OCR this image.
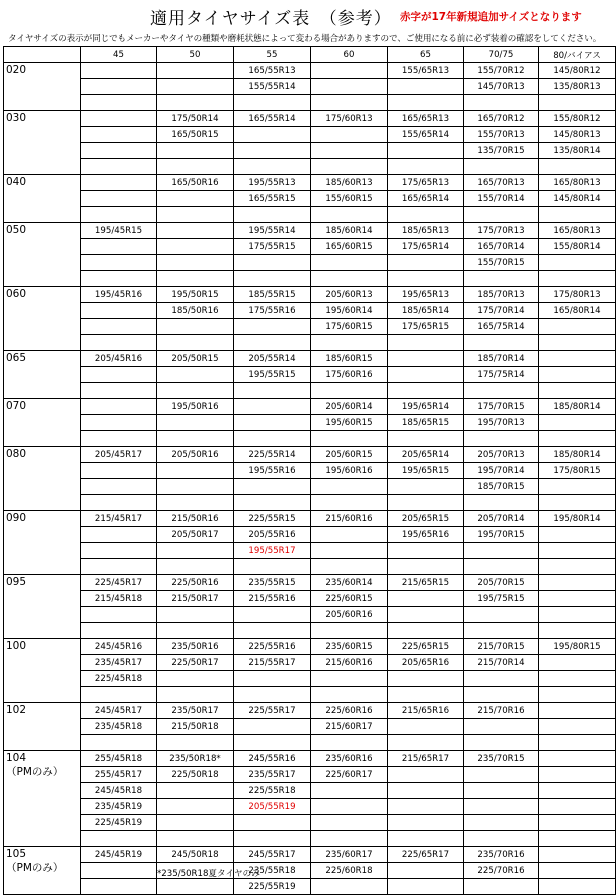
適用タイヤサイズ表　（参考） 赤字が17年新規追加サイズとなります
タイヤサイズの表示が同じでもメーカーやタイヤの種類や磨耗状態によって変わる場合がありますので、ご使用になる前に必ず装着の確認をしてください。
	45	50	55	60	65	70/75	80/バイアス

020			165/55R13		155/65R13	155/70R12	145/80R12
			155/55R14			145/70R13	135/80R13

030		175/50R14	165/55R14	175/60R13	165/65R13	165/70R12	155/80R12
		165/50R15			155/65R14	155/70R13	145/80R13
						135/70R15	135/80R14

040		165/50R16	195/55R13	185/60R13	175/65R13	165/70R13	165/80R13
			165/55R15	155/60R15	165/65R14	155/70R14	145/80R14

050	195/45R15		195/55R14	185/60R14	185/65R13	175/70R13	165/80R13
			175/55R15	165/60R15	175/65R14	165/70R14	155/80R14
						155/70R15	

060	195/45R16	195/50R15	185/55R15	205/60R13	195/65R13	185/70R13	175/80R13
		185/50R16	175/55R16	195/60R14	185/65R14	175/70R14	165/80R14
				175/60R15	175/65R15	165/75R14	

065	205/45R16	205/50R15	205/55R14	185/60R15		185/70R14	
			195/55R15	175/60R16		175/75R14	

070		195/50R16		205/60R14	195/65R14	175/70R15	185/80R14
				195/60R15	185/65R15	195/70R13	

080	205/45R17	205/50R16	225/55R14	205/60R15	205/65R14	205/70R13	185/80R14
			195/55R16	195/60R16	195/65R15	195/70R14	175/80R15
						185/70R15	

090	215/45R17	215/50R16	225/55R15	215/60R16	205/65R15	205/70R14	195/80R14
		205/50R17	205/55R16		195/65R16	195/70R15	
			195/55R17				

095	225/45R17	225/50R16	235/55R15	235/60R14	215/65R15	205/70R15	
	215/45R18	215/50R17	215/55R16	225/60R15		195/75R15	
				205/60R16			

100	245/45R16	235/50R16	225/55R16	235/60R15	225/65R15	215/70R15	195/80R15
	235/45R17	225/50R17	215/55R17	215/60R16	205/65R16	215/70R14	
	225/45R18						

102	245/45R17	235/50R17	225/55R17	225/60R16	215/65R16	215/70R16	
	235/45R18	215/50R18		215/60R17			

104
（PMのみ）	255/45R18	235/50R18*	245/55R16	235/60R16	215/65R17	235/70R15	
	255/45R17	225/50R18	235/55R17	225/60R17			
	245/45R18		225/55R18				
	235/45R19		205/55R19				
	225/45R19						

105
（PMのみ）	245/45R19	245/50R18	245/55R17	235/60R17	225/65R17	235/70R16	
			235/55R18	225/60R18		225/70R16	
			225/55R19				
*235/50R18夏タイヤのみ
